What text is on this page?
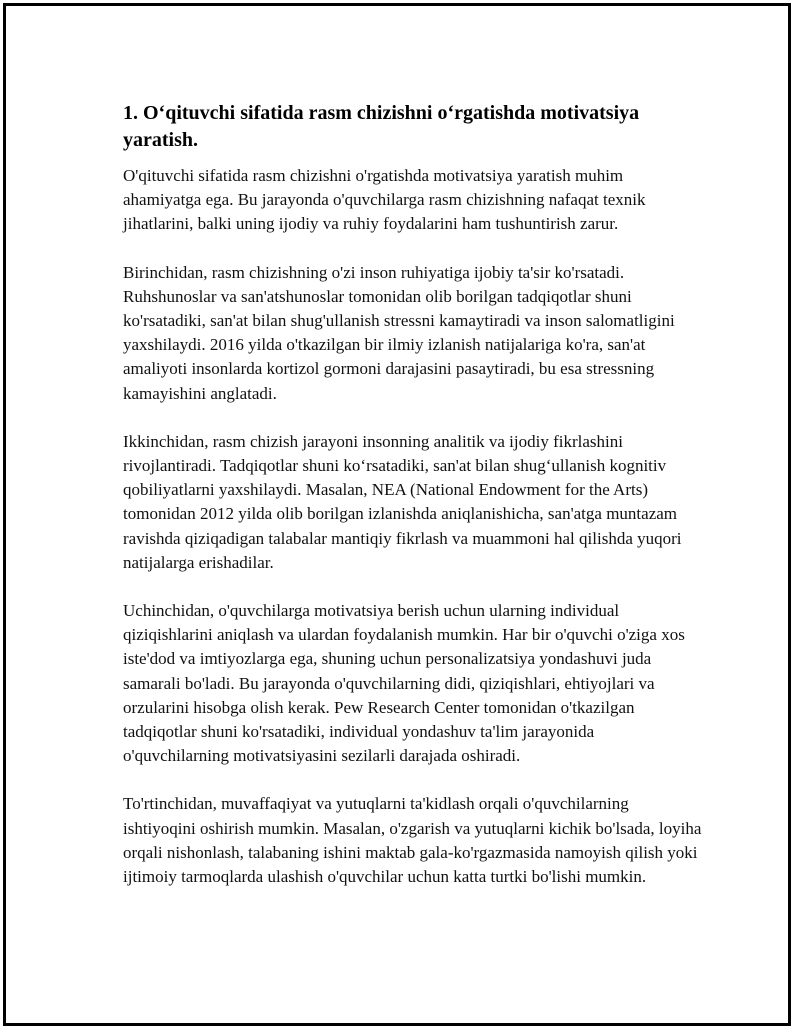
1. O‘qituvchi sifatida rasm chizishni o‘rgatishda motivatsiya yaratish.

O'qituvchi sifatida rasm chizishni o'rgatishda motivatsiya yaratish muhim ahamiyatga ega. Bu jarayonda o'quvchilarga rasm chizishning nafaqat texnik jihatlarini, balki uning ijodiy va ruhiy foydalarini ham tushuntirish zarur.

Birinchidan, rasm chizishning o'zi inson ruhiyatiga ijobiy ta'sir ko'rsatadi. Ruhshunoslar va san'atshunoslar tomonidan olib borilgan tadqiqotlar shuni ko'rsatadiki, san'at bilan shug'ullanish stressni kamaytiradi va inson salomatligini yaxshilaydi. 2016 yilda o'tkazilgan bir ilmiy izlanish natijalariga ko'ra, san'at amaliyoti insonlarda kortizol gormoni darajasini pasaytiradi, bu esa stressning kamayishini anglatadi.

Ikkinchidan, rasm chizish jarayoni insonning analitik va ijodiy fikrlashini rivojlantiradi. Tadqiqotlar shuni ko‘rsatadiki, san'at bilan shug‘ullanish kognitiv qobiliyatlarni yaxshilaydi. Masalan, NEA (National Endowment for the Arts) tomonidan 2012 yilda olib borilgan izlanishda aniqlanishicha, san'atga muntazam ravishda qiziqadigan talabalar mantiqiy fikrlash va muammoni hal qilishda yuqori natijalarga erishadilar.

Uchinchidan, o'quvchilarga motivatsiya berish uchun ularning individual qiziqishlarini aniqlash va ulardan foydalanish mumkin. Har bir o'quvchi o'ziga xos iste'dod va imtiyozlarga ega, shuning uchun personalizatsiya yondashuvi juda samarali bo'ladi. Bu jarayonda o'quvchilarning didi, qiziqishlari, ehtiyojlari va orzularini hisobga olish kerak. Pew Research Center tomonidan o'tkazilgan tadqiqotlar shuni ko'rsatadiki, individual yondashuv ta'lim jarayonida o'quvchilarning motivatsiyasini sezilarli darajada oshiradi.

To'rtinchidan, muvaffaqiyat va yutuqlarni ta'kidlash orqali o'quvchilarning ishtiyoqini oshirish mumkin. Masalan, o'zgarish va yutuqlarni kichik bo'lsada, loyiha orqali nishonlash, talabaning ishini maktab gala-ko'rgazmasida namoyish qilish yoki ijtimoiy tarmoqlarda ulashish o'quvchilar uchun katta turtki bo'lishi mumkin.
